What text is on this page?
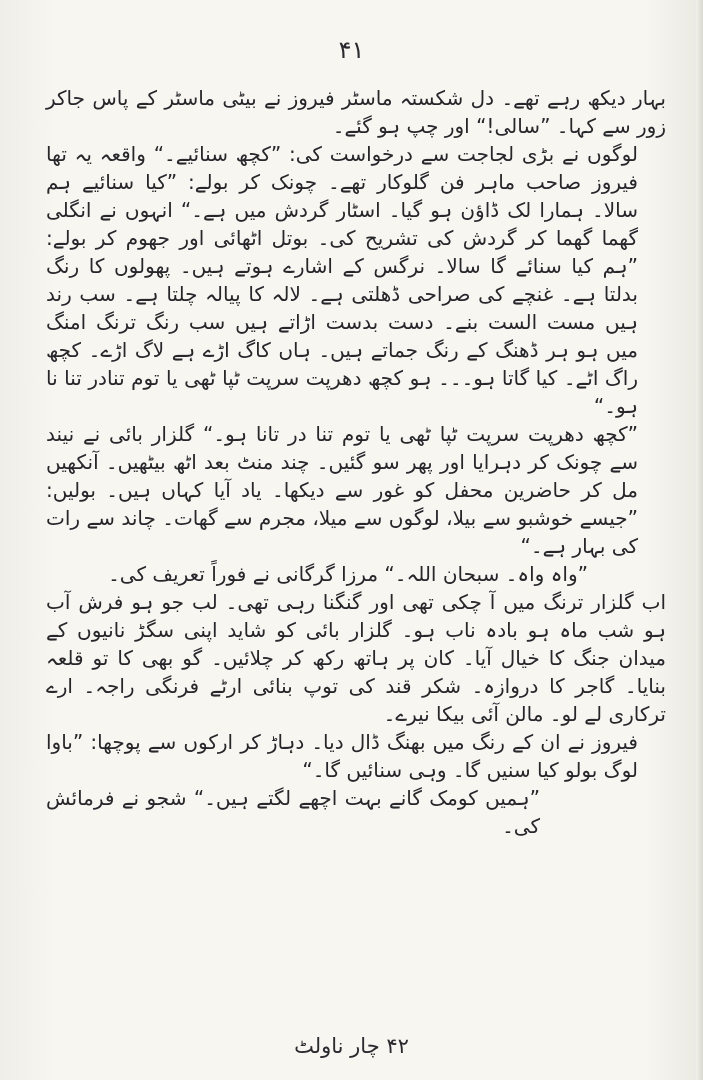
۴۱

بہار دیکھ رہے تھے۔ دل شکستہ ماسٹر فیروز نے بیٹی ماسٹر کے پاس جاکر زور سے کہا۔ ”سالی!“ اور چپ ہو گئے۔

لوگوں نے بڑی لجاجت سے درخواست کی: ”کچھ سنائیے۔“ واقعہ یہ تھا فیروز صاحب ماہر فن گلوکار تھے۔ چونک کر بولے: ”کیا سنائیے ہم سالا۔ ہمارا لک ڈاؤن ہو گیا۔ اسٹار گردش میں ہے۔“ انہوں نے انگلی گھما گھما کر گردش کی تشریح کی۔ بوتل اٹھائی اور جھوم کر بولے: ”ہم کیا سنائے گا سالا۔ نرگس کے اشارے ہوتے ہیں۔ پھولوں کا رنگ بدلتا ہے۔ غنچے کی صراحی ڈھلتی ہے۔ لالہ کا پیالہ چلتا ہے۔ سب رند ہیں مست الست بنے۔ دست بدست اڑاتے ہیں سب رنگ ترنگ امنگ میں ہو ہر ڈھنگ کے رنگ جماتے ہیں۔ ہاں کاگ اڑے ہے لاگ اڑے۔ کچھ راگ اٹے۔ کیا گاتا ہو۔۔۔ ہو کچھ دھرپت سرپت ٹپا ٹھی یا توم تنادر تنا نا ہو۔“

”کچھ دھرپت سرپت ٹپا ٹھی یا توم تنا در تانا ہو۔“ گلزار بائی نے نیند سے چونک کر دہرایا اور پھر سو گئیں۔ چند منٹ بعد اٹھ بیٹھیں۔ آنکھیں مل کر حاضرین محفل کو غور سے دیکھا۔ یاد آیا کہاں ہیں۔ بولیں: ”جیسے خوشبو سے بیلا، لوگوں سے میلا، مجرم سے گھات۔ چاند سے رات کی بہار ہے۔“

”واہ واہ۔ سبحان اللہ۔“ مرزا گرگانی نے فوراً تعریف کی۔

اب گلزار ترنگ میں آ چکی تھی اور گنگنا رہی تھی۔ لب جو ہو فرش آب ہو شب ماہ ہو بادہ ناب ہو۔ گلزار بائی کو شاید اپنی سگڑ نانیوں کے میدان جنگ کا خیال آیا۔ کان پر ہاتھ رکھ کر چلائیں۔ گو بھی کا تو قلعہ بنایا۔ گاجر کا دروازہ۔ شکر قند کی توپ بنائی ارٹے فرنگی راجہ۔ ارے ترکاری لے لو۔ مالن آئی بیکا نیرے۔

فیروز نے ان کے رنگ میں بھنگ ڈال دیا۔ دہاڑ کر ارکوں سے پوچھا: ”باوا لوگ بولو کیا سنیں گا۔ وہی سنائیں گا۔“

”ہمیں کومک گانے بہت اچھے لگتے ہیں۔“ شجو نے فرمائش کی۔

۴۲ چار ناولٹ
